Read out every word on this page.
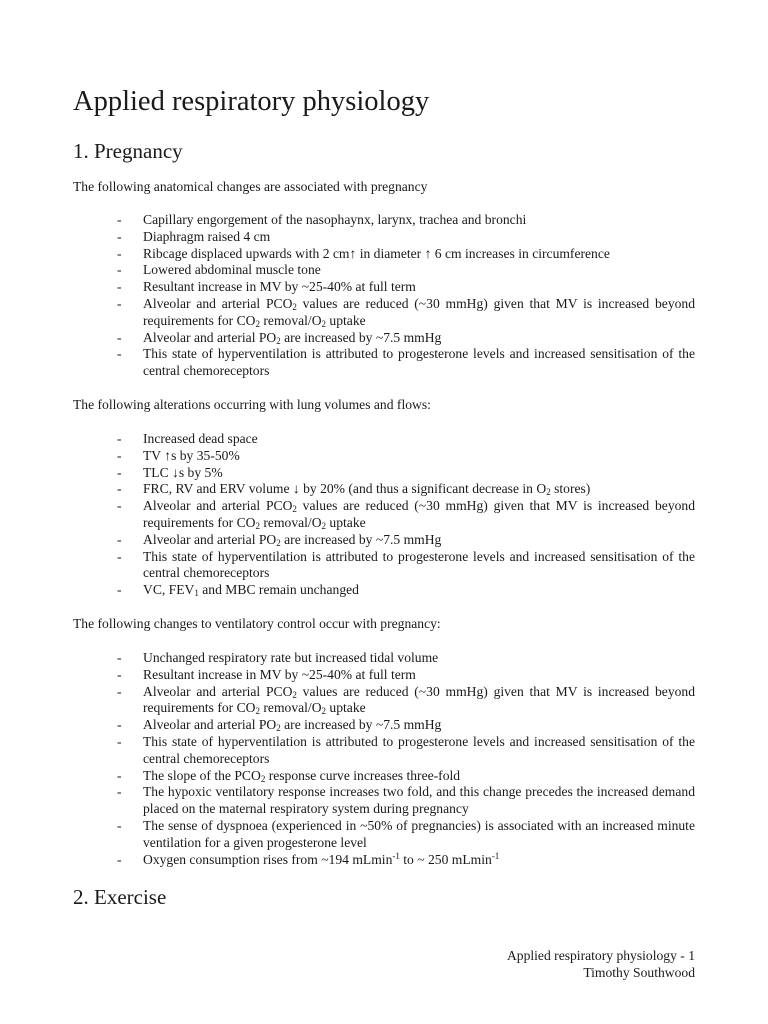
Applied respiratory physiology
1. Pregnancy

The following anatomical changes are associated with pregnancy

- Capillary engorgement of the nasophaynx, larynx, trachea and bronchi
- Diaphragm raised 4 cm
- Ribcage displaced upwards with 2 cm↑ in diameter ↑ 6 cm increases in circumference
- Lowered abdominal muscle tone
- Resultant increase in MV by ~25-40% at full term
- Alveolar and arterial $PCO_2$ values are reduced (~30 mmHg) given that MV is increased beyond requirements for $CO_2$ removal/$O_2$ uptake
- Alveolar and arterial $PO_2$ are increased by ~7.5 mmHg
- This state of hyperventilation is attributed to progesterone levels and increased sensitisation of the central chemoreceptors

The following alterations occurring with lung volumes and flows:

- Increased dead space
- TV ↑s by 35-50%
- TLC ↓s by 5%
- FRC, RV and ERV volume ↓ by 20% (and thus a significant decrease in $O_2$ stores)
- Alveolar and arterial $PCO_2$ values are reduced (~30 mmHg) given that MV is increased beyond requirements for $CO_2$ removal/$O_2$ uptake
- Alveolar and arterial $PO_2$ are increased by ~7.5 mmHg
- This state of hyperventilation is attributed to progesterone levels and increased sensitisation of the central chemoreceptors
- VC, $FEV_1$ and MBC remain unchanged

The following changes to ventilatory control occur with pregnancy:

- Unchanged respiratory rate but increased tidal volume
- Resultant increase in MV by ~25-40% at full term
- Alveolar and arterial $PCO_2$ values are reduced (~30 mmHg) given that MV is increased beyond requirements for $CO_2$ removal/$O_2$ uptake
- Alveolar and arterial $PO_2$ are increased by ~7.5 mmHg
- This state of hyperventilation is attributed to progesterone levels and increased sensitisation of the central chemoreceptors
- The slope of the $PCO_2$ response curve increases three-fold
- The hypoxic ventilatory response increases two fold, and this change precedes the increased demand placed on the maternal respiratory system during pregnancy
- The sense of dyspnoea (experienced in ~50% of pregnancies) is associated with an increased minute ventilation for a given progesterone level
- Oxygen consumption rises from ~194 mLmin$^{-1}$ to ~ 250 mLmin$^{-1}$
2. Exercise
Applied respiratory physiology - 1
Timothy Southwood
